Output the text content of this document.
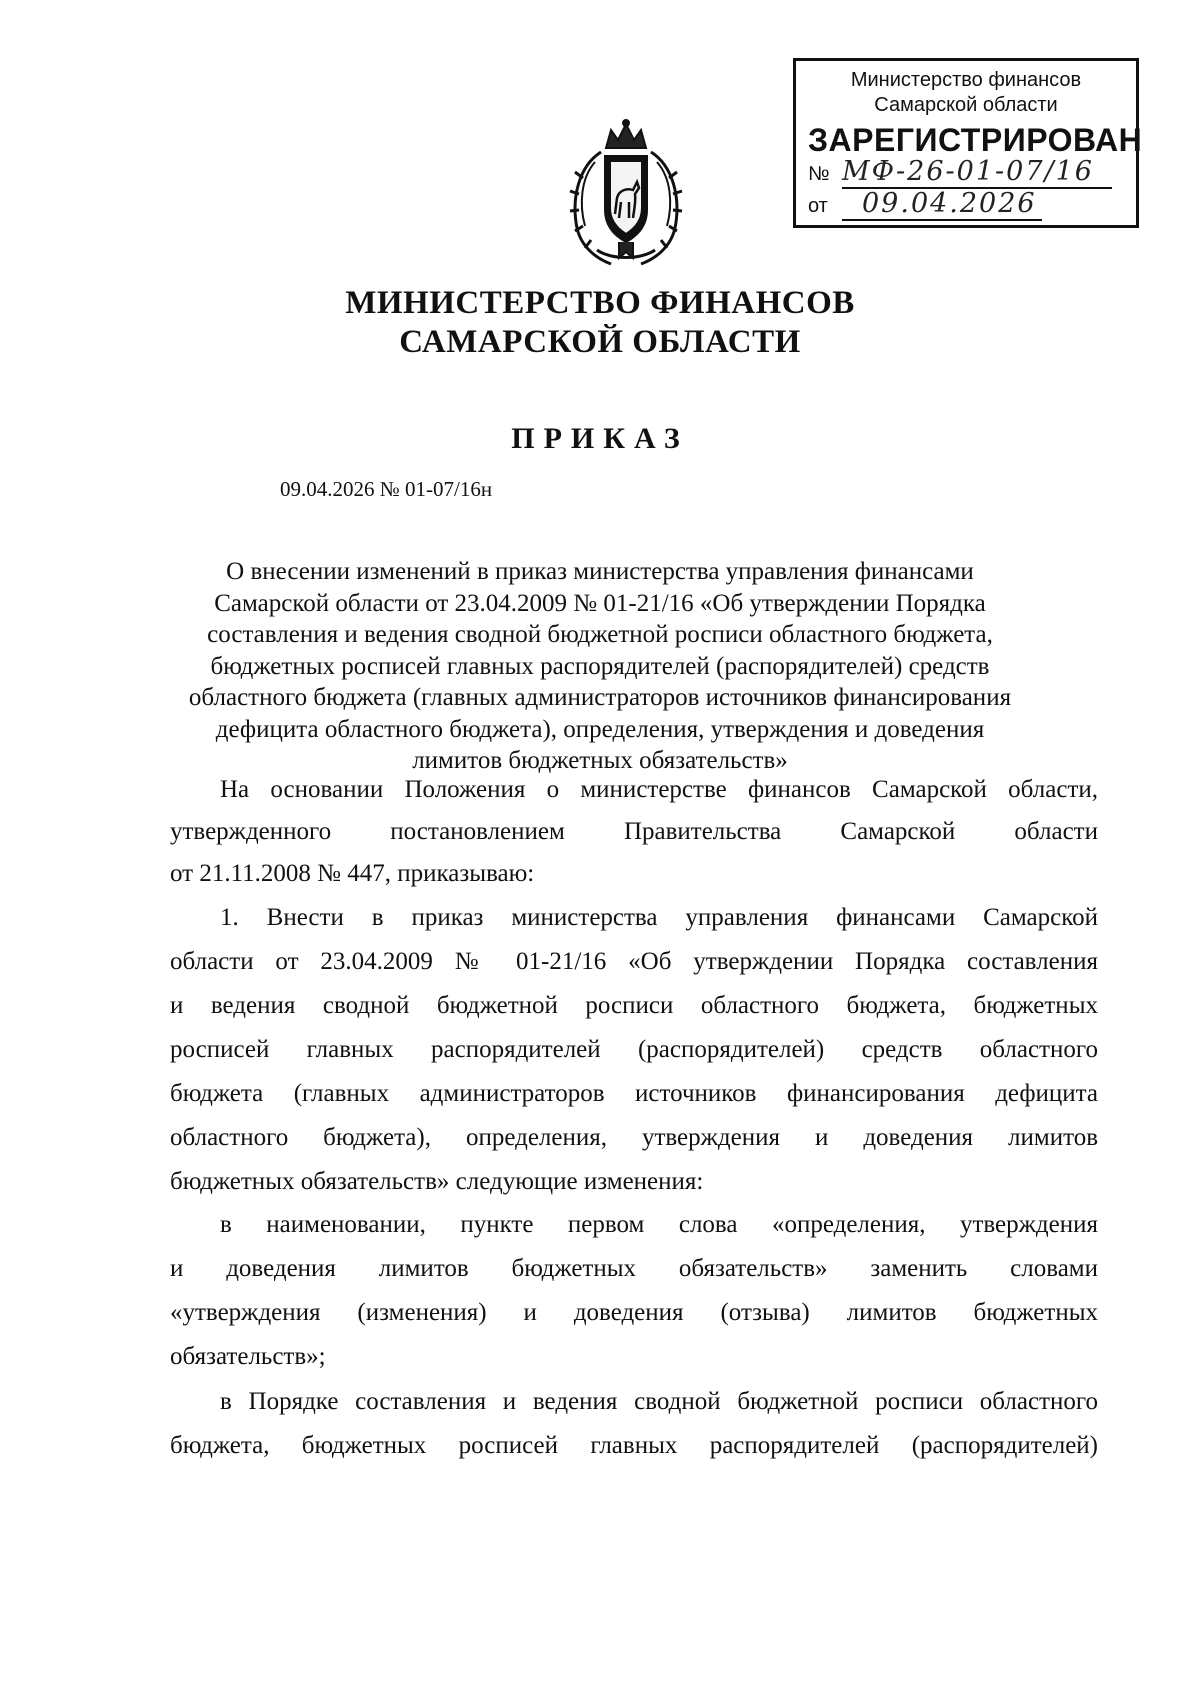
Министерство финансов
Самарской области
ЗАРЕГИСТРИРОВАН
№ МФ-26-01-07/16
от	09.04.2026
МИНИСТЕРСТВО ФИНАНСОВ
САМАРСКОЙ ОБЛАСТИ
ПРИКАЗ
09.04.2026 № 01-07/16н
О внесении изменений в приказ министерства управления финансами
Самарской области от 23.04.2009 № 01-21/16 «Об утверждении Порядка
составления и ведения сводной бюджетной росписи областного бюджета,
бюджетных росписей главных распорядителей (распорядителей) средств
областного бюджета (главных администраторов источников финансирования
дефицита областного бюджета), определения, утверждения и доведения
лимитов бюджетных обязательств»
На основании Положения о министерстве финансов Самарской области,
утвержденного постановлением Правительства Самарской области
от 21.11.2008 № 447, приказываю:
1. Внести в приказ министерства управления финансами Самарской
области от 23.04.2009 № 01-21/16 «Об утверждении Порядка составления
и ведения сводной бюджетной росписи областного бюджета, бюджетных
росписей главных распорядителей (распорядителей) средств областного
бюджета (главных администраторов источников финансирования дефицита
областного бюджета), определения, утверждения и доведения лимитов
бюджетных обязательств» следующие изменения:
в наименовании, пункте первом слова «определения, утверждения
и доведения лимитов бюджетных обязательств» заменить словами
«утверждения (изменения) и доведения (отзыва) лимитов бюджетных
обязательств»;
в Порядке составления и ведения сводной бюджетной росписи областного
бюджета, бюджетных росписей главных распорядителей (распорядителей)
